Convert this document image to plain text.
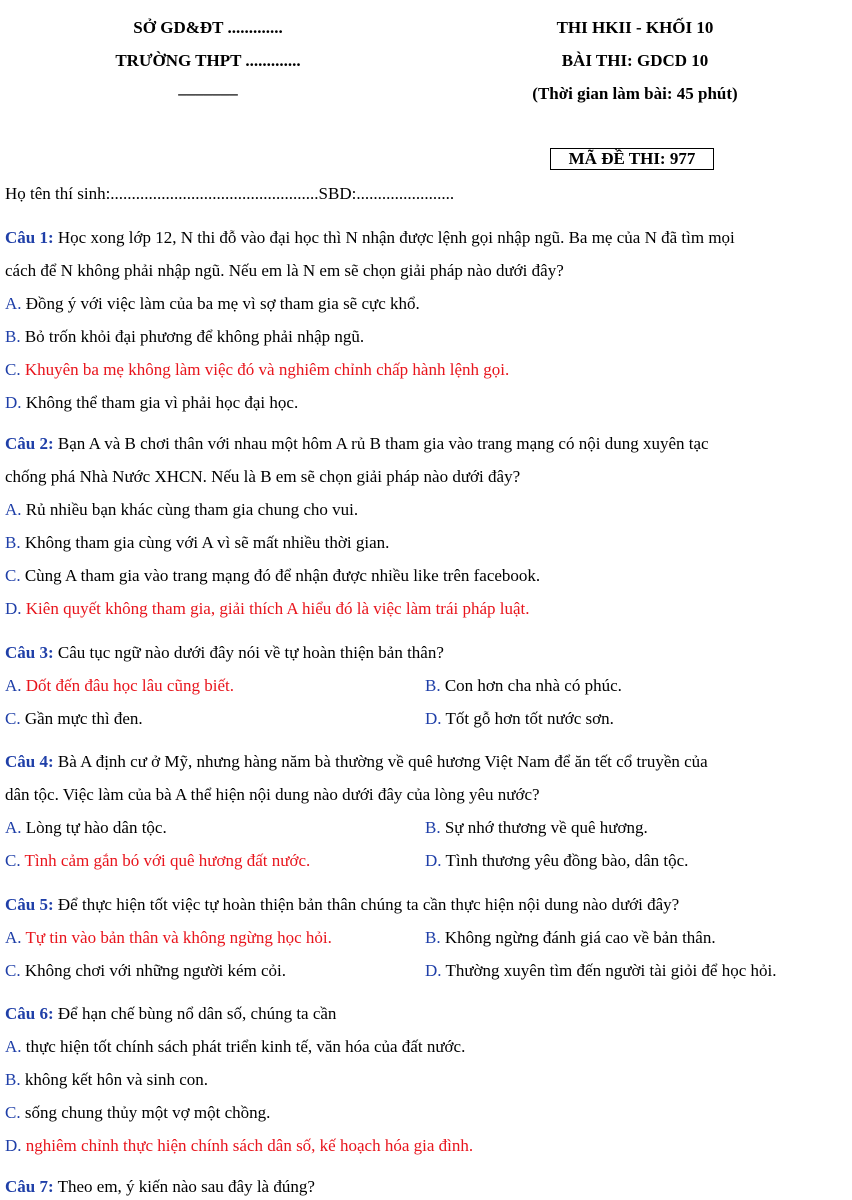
SỞ GD&ĐT .............
TRƯỜNG THPT .............
–––––––
THI HKII - KHỐI 10
BÀI THI: GDCD 10
(Thời gian làm bài: 45 phút)
MÃ ĐỀ THI: 977
Họ tên thí sinh:.................................................SBD:.......................
Câu 1: Học xong lớp 12, N thi đỗ vào đại học thì N nhận được lệnh gọi nhập ngũ. Ba mẹ của N đã tìm mọi
cách để N không phải nhập ngũ. Nếu em là N em sẽ chọn giải pháp nào dưới đây?
A. Đồng ý với việc làm của ba mẹ vì sợ tham gia sẽ cực khổ.
B. Bỏ trốn khỏi đại phương để không phải nhập ngũ.
C. Khuyên ba mẹ không làm việc đó và nghiêm chỉnh chấp hành lệnh gọi.
D. Không thể tham gia vì phải học đại học.
Câu 2: Bạn A và B chơi thân với nhau một hôm A rủ B tham gia vào trang mạng có nội dung xuyên tạc
chống phá Nhà Nước XHCN. Nếu là B em sẽ chọn giải pháp nào dưới đây?
A. Rủ nhiều bạn khác cùng tham gia chung cho vui.
B. Không tham gia cùng với A vì sẽ mất nhiều thời gian.
C. Cùng A tham gia vào trang mạng đó để nhận được nhiều like trên facebook.
D. Kiên quyết không tham gia, giải thích A hiểu đó là việc làm trái pháp luật.
Câu 3: Câu tục ngữ nào dưới đây nói về tự hoàn thiện bản thân?
A. Dốt đến đâu học lâu cũng biết.	B. Con hơn cha nhà có phúc.
C. Gần mực thì đen.	D. Tốt gỗ hơn tốt nước sơn.
Câu 4: Bà A định cư ở Mỹ, nhưng hàng năm bà thường về quê hương Việt Nam để ăn tết cổ truyền của
dân tộc. Việc làm của bà A thể hiện nội dung nào dưới đây của lòng yêu nước?
A. Lòng tự hào dân tộc.	B. Sự nhớ thương về quê hương.
C. Tình cảm gắn bó với quê hương đất nước.	D. Tình thương yêu đồng bào, dân tộc.
Câu 5: Để thực hiện tốt việc tự hoàn thiện bản thân chúng ta cần thực hiện nội dung nào dưới đây?
A. Tự tin vào bản thân và không ngừng học hỏi.	B. Không ngừng đánh giá cao về bản thân.
C. Không chơi với những người kém cỏi.	D. Thường xuyên tìm đến người tài giỏi để học hỏi.
Câu 6: Để hạn chế bùng nổ dân số, chúng ta cần
A. thực hiện tốt chính sách phát triển kinh tế, văn hóa của đất nước.
B. không kết hôn và sinh con.
C. sống chung thủy một vợ một chồng.
D. nghiêm chỉnh thực hiện chính sách dân số, kế hoạch hóa gia đình.
Câu 7: Theo em, ý kiến nào sau đây là đúng?
